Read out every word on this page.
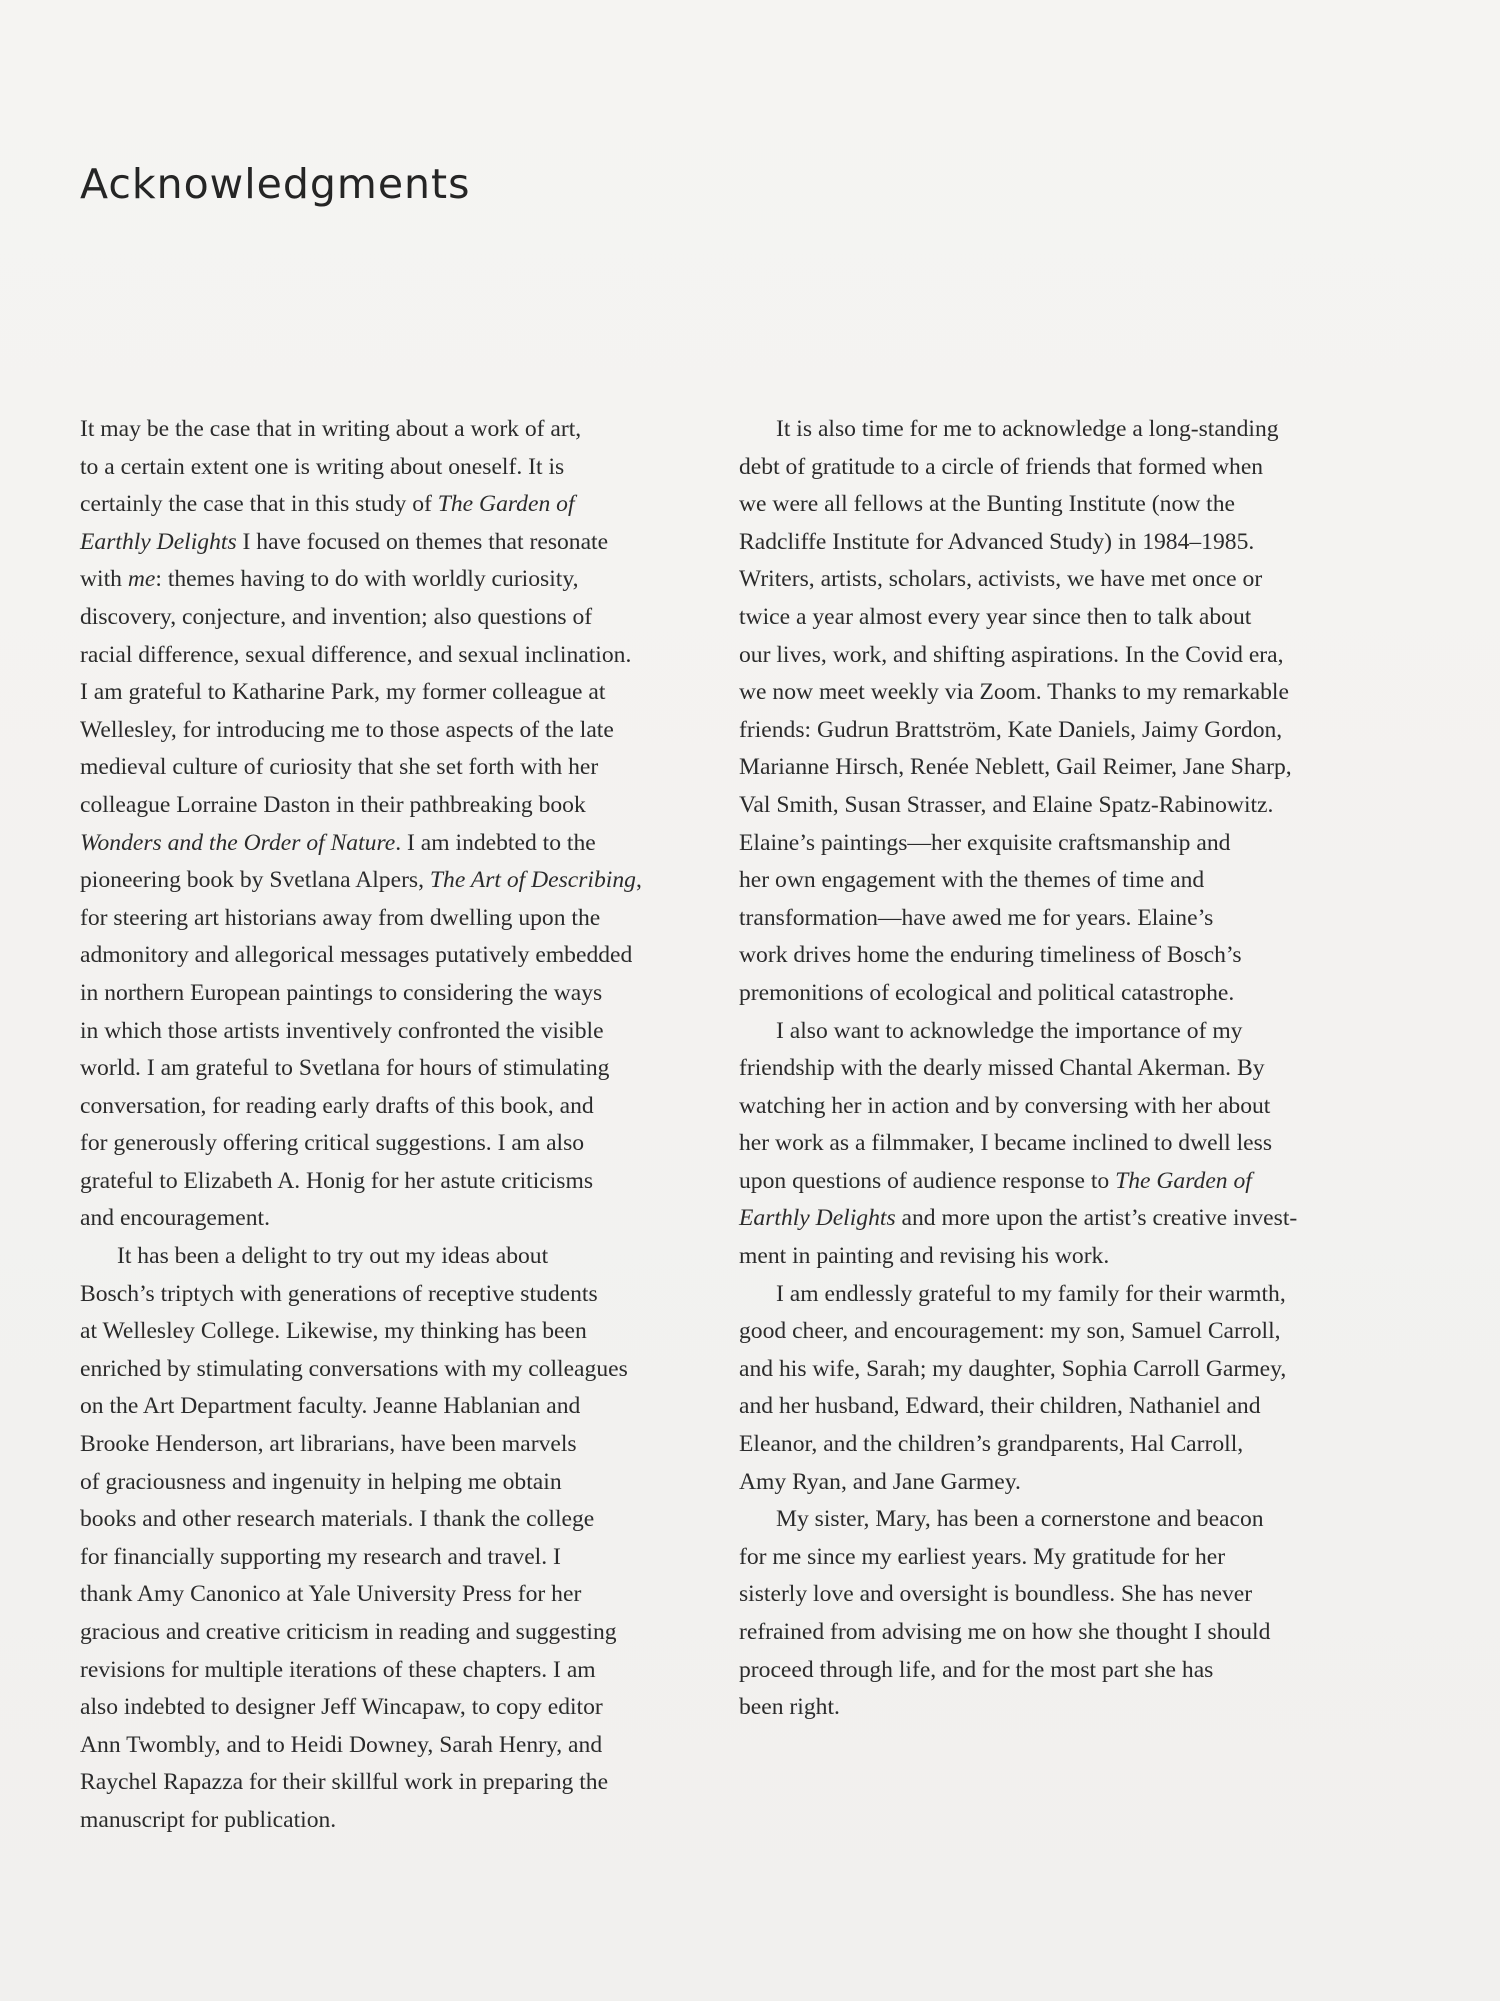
Acknowledgments
It may be the case that in writing about a work of art,
to a certain extent one is writing about oneself. It is
certainly the case that in this study of The Garden of
Earthly Delights I have focused on themes that resonate
with me: themes having to do with worldly curiosity,
discovery, conjecture, and invention; also questions of
racial difference, sexual difference, and sexual inclination.
I am grateful to Katharine Park, my former colleague at
Wellesley, for introducing me to those aspects of the late
medieval culture of curiosity that she set forth with her
colleague Lorraine Daston in their pathbreaking book
Wonders and the Order of Nature. I am indebted to the
pioneering book by Svetlana Alpers, The Art of Describing,
for steering art historians away from dwelling upon the
admonitory and allegorical messages putatively embedded
in northern European paintings to considering the ways
in which those artists inventively confronted the visible
world. I am grateful to Svetlana for hours of stimulating
conversation, for reading early drafts of this book, and
for generously offering critical suggestions. I am also
grateful to Elizabeth A. Honig for her astute criticisms
and encouragement.
It has been a delight to try out my ideas about
Bosch’s triptych with generations of receptive students
at Wellesley College. Likewise, my thinking has been
enriched by stimulating conversations with my colleagues
on the Art Department faculty. Jeanne Hablanian and
Brooke Henderson, art librarians, have been marvels
of graciousness and ingenuity in helping me obtain
books and other research materials. I thank the college
for financially supporting my research and travel. I
thank Amy Canonico at Yale University Press for her
gracious and creative criticism in reading and suggesting
revisions for multiple iterations of these chapters. I am
also indebted to designer Jeff Wincapaw, to copy editor
Ann Twombly, and to Heidi Downey, Sarah Henry, and
Raychel Rapazza for their skillful work in preparing the
manuscript for publication.
It is also time for me to acknowledge a long-standing
debt of gratitude to a circle of friends that formed when
we were all fellows at the Bunting Institute (now the
Radcliffe Institute for Advanced Study) in 1984–1985.
Writers, artists, scholars, activists, we have met once or
twice a year almost every year since then to talk about
our lives, work, and shifting aspirations. In the Covid era,
we now meet weekly via Zoom. Thanks to my remarkable
friends: Gudrun Brattström, Kate Daniels, Jaimy Gordon,
Marianne Hirsch, Renée Neblett, Gail Reimer, Jane Sharp,
Val Smith, Susan Strasser, and Elaine Spatz-Rabinowitz.
Elaine’s paintings—her exquisite craftsmanship and
her own engagement with the themes of time and
transformation—have awed me for years. Elaine’s
work drives home the enduring timeliness of Bosch’s
premonitions of ecological and political catastrophe.
I also want to acknowledge the importance of my
friendship with the dearly missed Chantal Akerman. By
watching her in action and by conversing with her about
her work as a filmmaker, I became inclined to dwell less
upon questions of audience response to The Garden of
Earthly Delights and more upon the artist’s creative invest-
ment in painting and revising his work.
I am endlessly grateful to my family for their warmth,
good cheer, and encouragement: my son, Samuel Carroll,
and his wife, Sarah; my daughter, Sophia Carroll Garmey,
and her husband, Edward, their children, Nathaniel and
Eleanor, and the children’s grandparents, Hal Carroll,
Amy Ryan, and Jane Garmey.
My sister, Mary, has been a cornerstone and beacon
for me since my earliest years. My gratitude for her
sisterly love and oversight is boundless. She has never
refrained from advising me on how she thought I should
proceed through life, and for the most part she has
been right.
